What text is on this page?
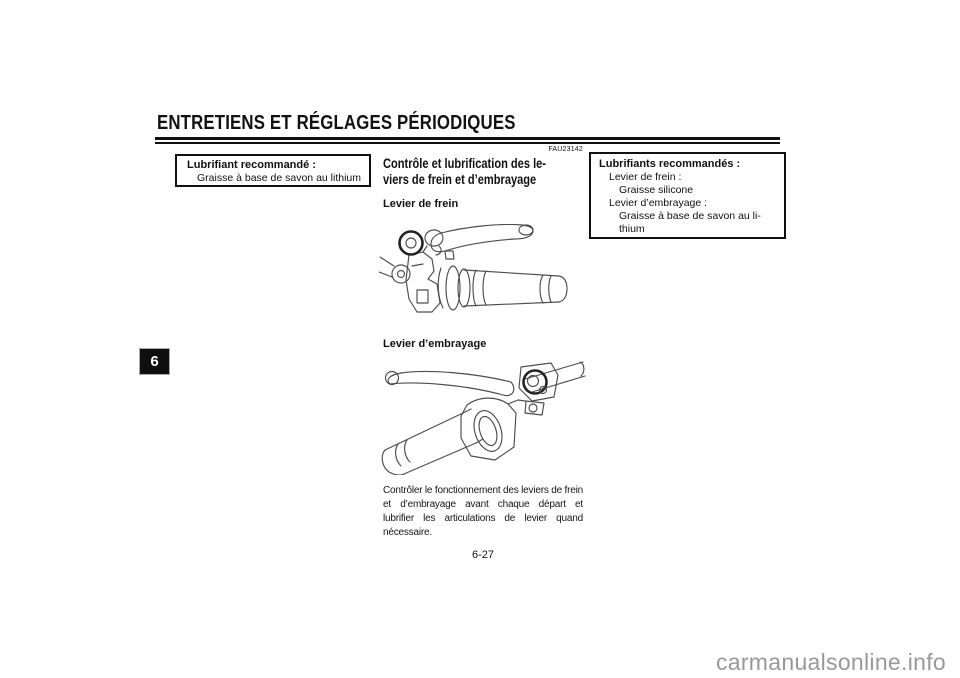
ENTRETIENS ET RÉGLAGES PÉRIODIQUES
Lubrifiant recommandé :
Graisse à base de savon au lithium
Lubrifiants recommandés :
Levier de frein :
Graisse silicone
Levier d’embrayage :
Graisse à base de savon au li-
thium
FAU23142
Contrôle et lubrification des le-
viers de frein et d’embrayage
Levier de frein
Levier d’embrayage

Contrôler le fonctionnement des leviers de frein et d’embrayage avant chaque départ et lubrifier les articulations de levier quand nécessaire.

6-27
6
carmanualsonline.info
